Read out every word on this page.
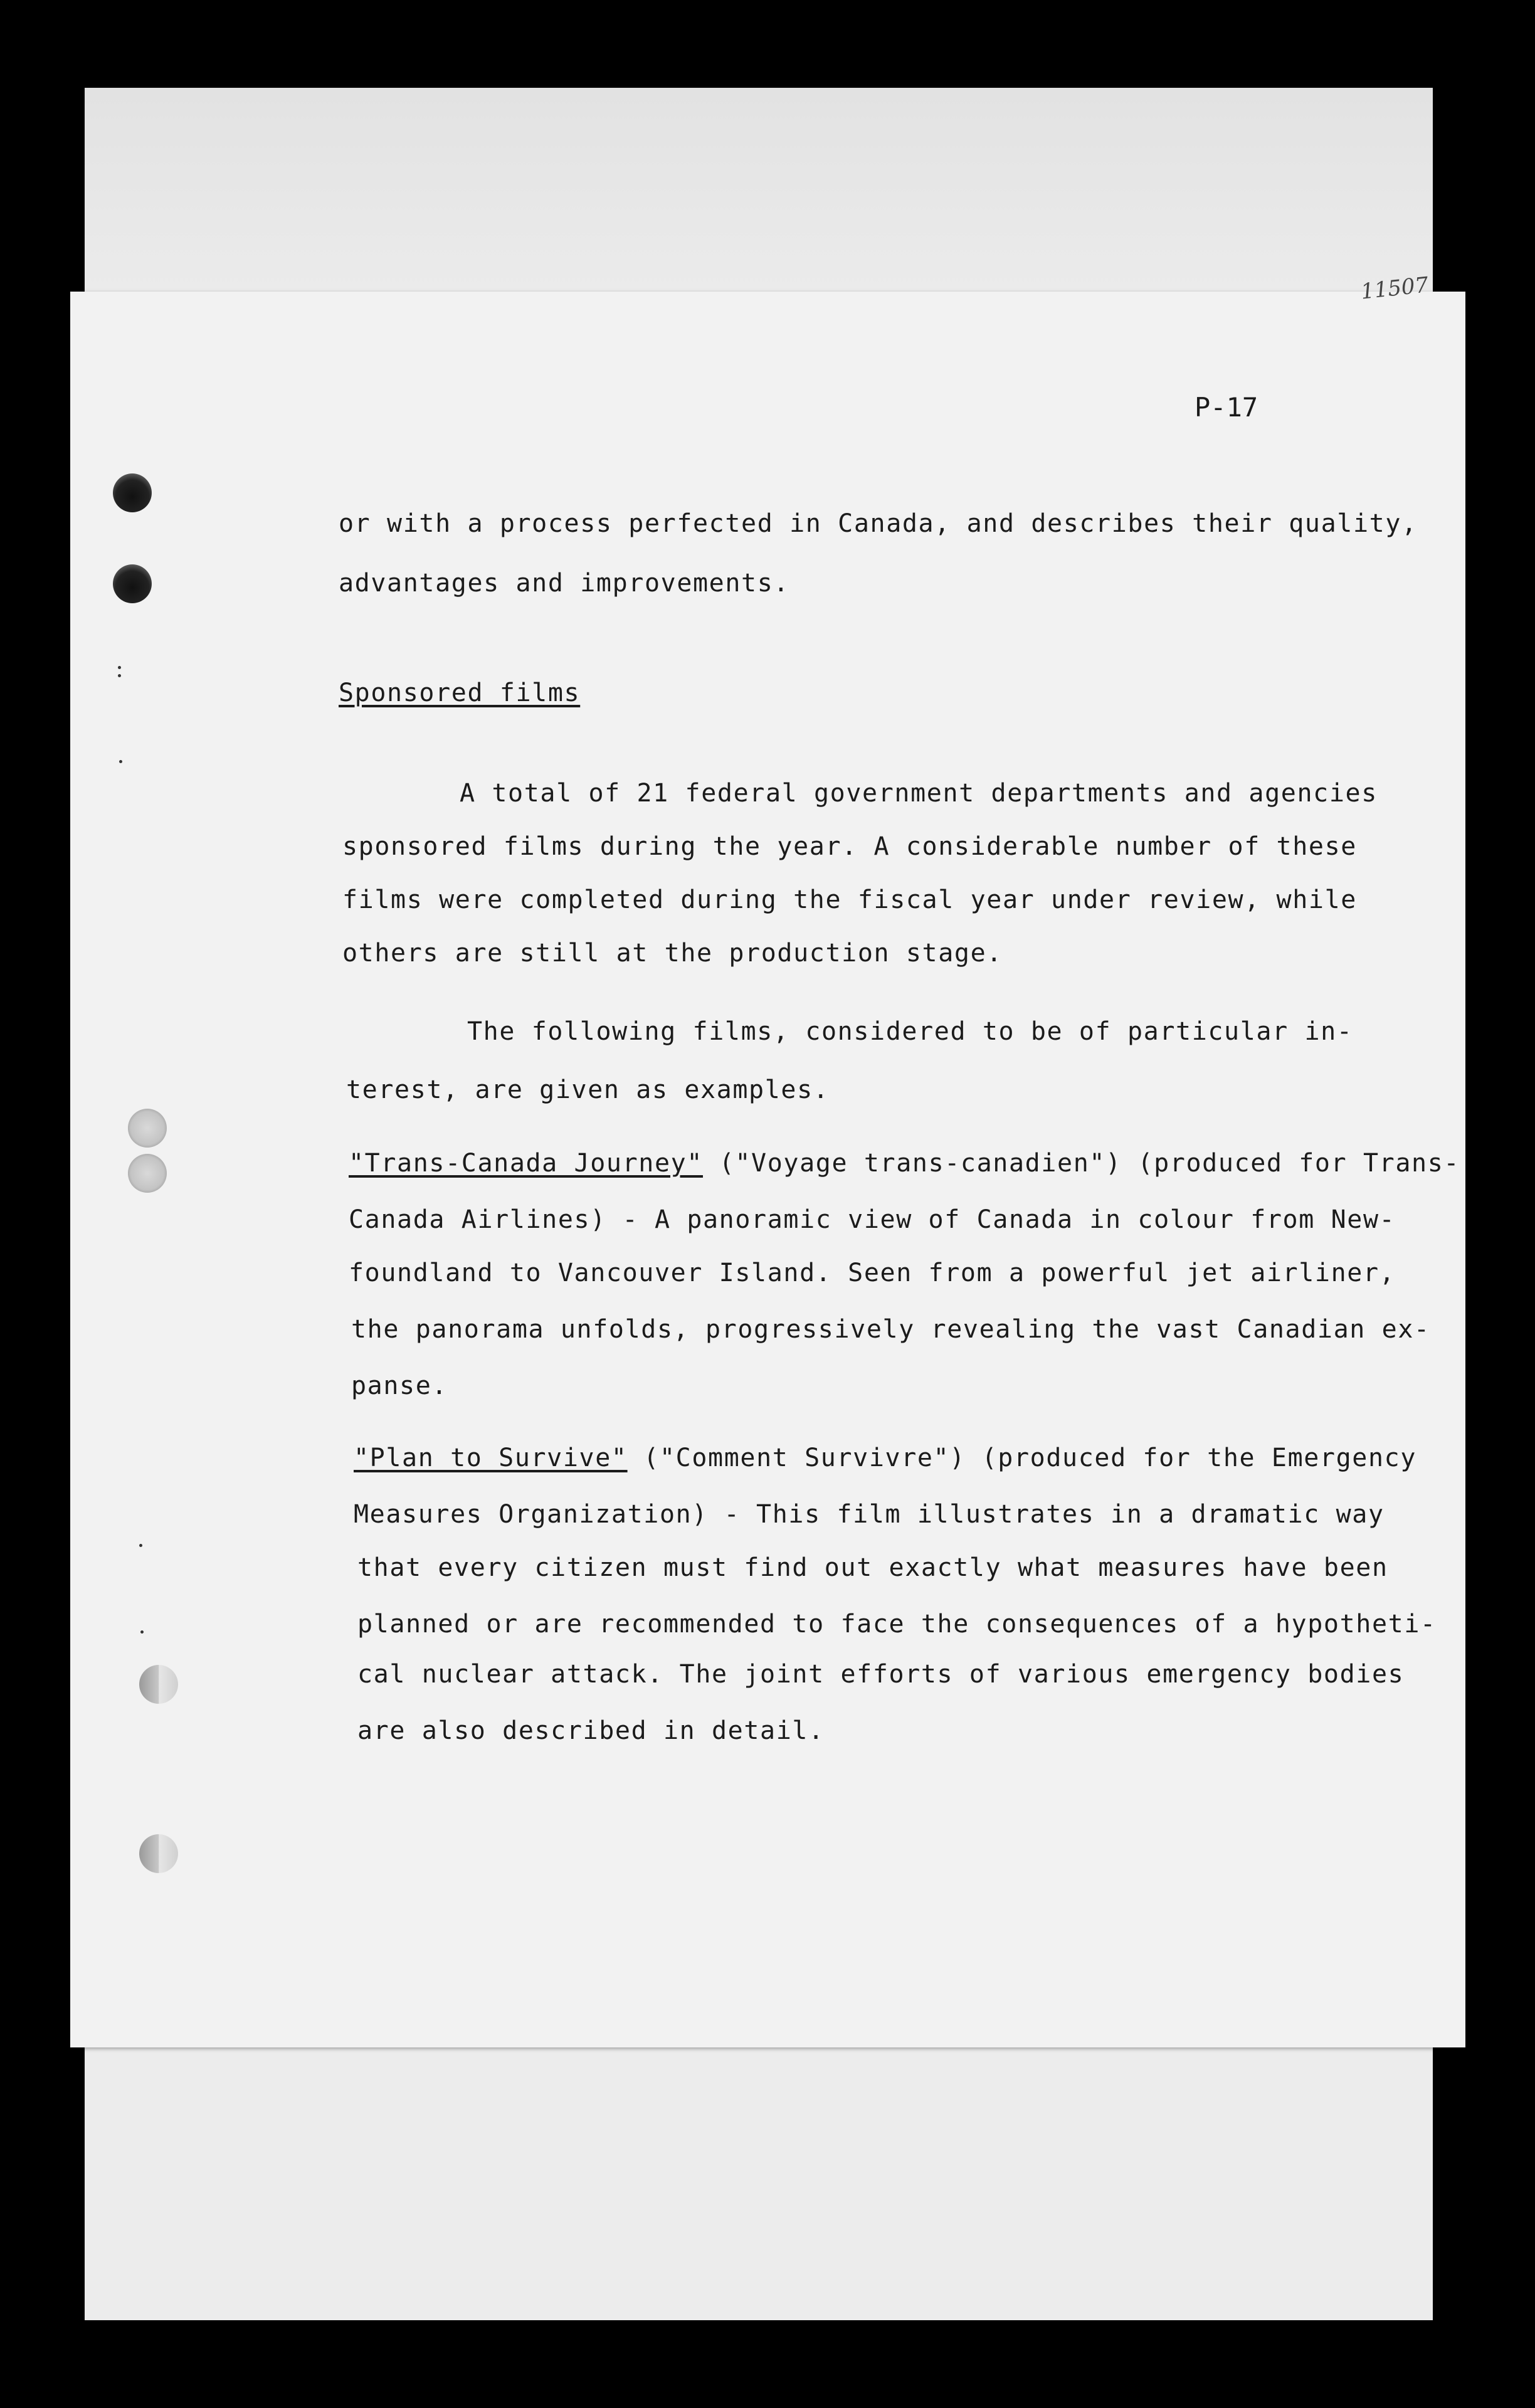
11507
P-17
or with a process perfected in Canada, and describes their quality,
advantages and improvements.
Sponsored films
A total of 21 federal government departments and agencies
sponsored films during the year. A considerable number of these
films were completed during the fiscal year under review, while
others are still at the production stage.
The following films, considered to be of particular in-
terest, are given as examples.
"Trans-Canada Journey" ("Voyage trans-canadien") (produced for Trans-
Canada Airlines) - A panoramic view of Canada in colour from New-
foundland to Vancouver Island. Seen from a powerful jet airliner,
the panorama unfolds, progressively revealing the vast Canadian ex-
panse.
"Plan to Survive" ("Comment Survivre") (produced for the Emergency
Measures Organization) - This film illustrates in a dramatic way
that every citizen must find out exactly what measures have been
planned or are recommended to face the consequences of a hypotheti-
cal nuclear attack. The joint efforts of various emergency bodies
are also described in detail.
